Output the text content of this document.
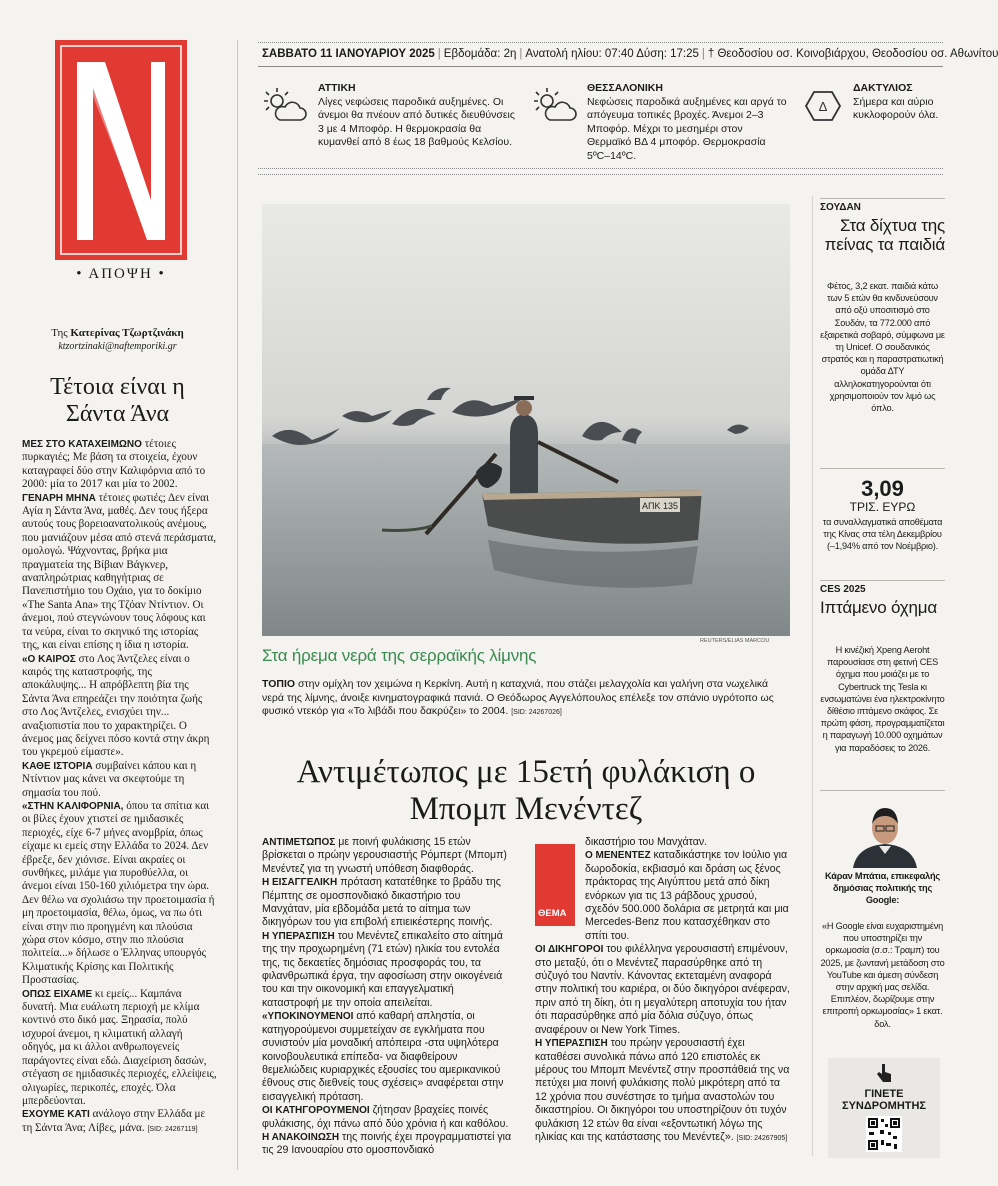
• ΑΠΟΨΗ •
Της Κατερίνας Τζωρτζινάκη
ktzortzinaki@naftemporiki.gr
Τέτοια είναι η Σάντα Άνα

ΜΕΣ ΣΤΟ ΚΑΤΑΧΕΙΜΩΝΟ τέτοιες πυρκαγιές; Με βάση τα στοιχεία, έχουν καταγραφεί δύο στην Καλιφόρνια από το 2000: μία το 2017 και μία το 2002.

ΓΕΝΑΡΗ ΜΗΝΑ τέτοιες φωτιές; Δεν είναι Αγία η Σάντα Άνα, μαθές. Δεν τους ήξερα αυτούς τους βορειοανατολικούς ανέμους, που μανιάζουν μέσα από στενά περάσματα, ομολογώ. Ψάχνοντας, βρήκα μια πραγματεία της Βίβιαν Βάγκνερ, αναπληρώτριας καθηγήτριας σε Πανεπιστήμιο του Οχάιο, για το δοκίμιο «The Santa Ana» της Τζόαν Ντίντιον. Οι άνεμοι, πού στεγνώνουν τους λόφους και τα νεύρα, είναι το σκηνικό της ιστορίας της, και είναι επίσης η ίδια η ιστορία.

«Ο ΚΑΙΡΟΣ στο Λος Άντζελες είναι ο καιρός της καταστροφής, της αποκάλυψης... Η απρόβλεπτη βία της Σάντα Άνα επηρεάζει την ποιότητα ζωής στο Λος Άντζελες, ενισχύει την... αναξιοπιστία που το χαρακτηρίζει. Ο άνεμος μας δείχνει πόσο κοντά στην άκρη του γκρεμού είμαστε».

ΚΑΘΕ ΙΣΤΟΡΙΑ συμβαίνει κάπου και η Ντίντιον μας κάνει να σκεφτούμε τη σημασία του πού.

«ΣΤΗΝ ΚΑΛΙΦΟΡΝΙΑ, όπου τα σπίτια και οι βίλες έχουν χτιστεί σε ημιδασικές περιοχές, είχε 6-7 μήνες ανομβρία, όπως είχαμε κι εμείς στην Ελλάδα το 2024. Δεν έβρεξε, δεν χιόνισε. Είναι ακραίες οι συνθήκες, μιλάμε για πυροθύελλα, οι άνεμοι είναι 150-160 χιλιόμετρα την ώρα. Δεν θέλω να σχολιάσω την προετοιμασία ή μη προετοιμασία, θέλω, όμως, να πω ότι είναι στην πιο προηγμένη και πλούσια χώρα στον κόσμο, στην πιο πλούσια πολιτεία...» δήλωσε ο Έλληνας υπουργός Κλιματικής Κρίσης και Πολιτικής Προστασίας.

ΟΠΩΣ ΕΙΧΑΜΕ κι εμείς... Καμπάνα δυνατή. Μια ευάλωτη περιοχή με κλίμα κοντινό στο δικό μας. Ξηρασία, πολύ ισχυροί άνεμοι, η κλιματική αλλαγή οδηγός, μα κι άλλοι ανθρωπογενείς παράγοντες είναι εδώ. Διαχείριση δασών, στέγαση σε ημιδασικές περιοχές, ελλείψεις, ολιγωρίες, περικοπές, εποχές. Όλα μπερδεύονται.

ΕΧΟΥΜΕ ΚΑΤΙ ανάλογο στην Ελλάδα με τη Σάντα Άνα; Λίβες, μάνα. [SID: 24267119]

ΣΑΒΒΑΤΟ 11 ΙΑΝΟΥΑΡΙΟΥ 2025 | Εβδομάδα: 2η | Ανατολή ηλίου: 07:40 Δύση: 17:25 | † Θεοδοσίου οσ. Κοινοβιάρχου, Θεοδοσίου οσ. Αθωνίτου
ΑΤΤΙΚΗ
Λίγες νεφώσεις παροδικά αυξημένες. Οι άνεμοι θα πνέουν από δυτικές διευθύνσεις 3 με 4 Μποφόρ. Η θερμοκρασία θα κυμανθεί από 8 έως 18 βαθμούς Κελσίου.
ΘΕΣΣΑΛΟΝΙΚΗ
Νεφώσεις παροδικά αυξημένες και αργά το απόγευμα τοπικές βροχές. Άνεμοι 2–3 Μποφόρ. Μέχρι το μεσημέρι στον Θερμαϊκό ΒΔ 4 μποφόρ. Θερμοκρασία 5ºC–14ºC.
Δ
ΔΑΚΤΥΛΙΟΣ
Σήμερα και αύριο κυκλοφορούν όλα.
ΑΠΚ 135
REUTERS/ELIAS MARCOU
Στα ήρεμα νερά της σερραϊκής λίμνης
ΤΟΠΙΟ στην ομίχλη τον χειμώνα η Κερκίνη. Αυτή η καταχνιά, που στάζει μελαγχολία και γαλήνη στα νωχελικά νερά της λίμνης, άνοιξε κινηματογραφικά πανιά. Ο Θεόδωρος Αγγελόπουλος επέλεξε τον σπάνιο υγρότοπο ως φυσικό ντεκόρ για «Το λιβάδι που δακρύζει» το 2004. [SID: 24267026]
Αντιμέτωπος με 15ετή φυλάκιση ο Μπομπ Μενέντεζ

ΑΝΤΙΜΕΤΩΠΟΣ με ποινή φυλάκισης 15 ετών βρίσκεται ο πρώην γερουσιαστής Ρόμπερτ (Μπομπ) Μενέντεζ για τη γνωστή υπόθεση διαφθοράς.

Η ΕΙΣΑΓΓΕΛΙΚΗ πρόταση κατατέθηκε το βράδυ της Πέμπτης σε ομοσπονδιακό δικαστήριο του Μανχάταν, μία εβδομάδα μετά το αίτημα των δικηγόρων του για επιβολή επιεικέστερης ποινής.

Η ΥΠΕΡΑΣΠΙΣΗ του Μενέντεζ επικαλείτο στο αίτημά της την προχωρημένη (71 ετών) ηλικία του εντολέα της, τις δεκαετίες δημόσιας προσφοράς του, τα φιλανθρωπικά έργα, την αφοσίωση στην οικογένειά του και την οικονομική και επαγγελματική καταστροφή με την οποία απειλείται.

«ΥΠΟΚΙΝΟΥΜΕΝΟΙ από καθαρή απληστία, οι κατηγορούμενοι συμμετείχαν σε εγκλήματα που συνιστούν μία μοναδική απόπειρα -στα υψηλότερα κοινοβουλευτικά επίπεδα- να διαφθείρουν θεμελιώδεις κυριαρχικές εξουσίες του αμερικανικού έθνους στις διεθνείς τους σχέσεις» αναφέρεται στην εισαγγελική πρόταση.

ΟΙ ΚΑΤΗΓΟΡΟΥΜΕΝΟΙ ζήτησαν βραχείες ποινές φυλάκισης, όχι πάνω από δύο χρόνια ή και καθόλου.

Η ΑΝΑΚΟΙΝΩΣΗ της ποινής έχει προγραμματιστεί για τις 29 Ιανουαρίου στο ομοσπονδιακό

ΘΕΜΑ

δικαστήριο του Μανχάταν.

Ο ΜΕΝΕΝΤΕΖ καταδικάστηκε τον Ιούλιο για δωροδοκία, εκβιασμό και δράση ως ξένος πράκτορας της Αιγύπτου μετά από δίκη ενόρκων για τις 13 ράβδους χρυσού, σχεδόν 500.000 δολάρια σε μετρητά και μια Mercedes-Benz που κατασχέθηκαν στο σπίτι του.

ΟΙ ΔΙΚΗΓΟΡΟΙ του φιλέλληνα γερουσιαστή επιμένουν, στο μεταξύ, ότι ο Μενέντεζ παρασύρθηκε από τη σύζυγό του Ναντίν. Κάνοντας εκτεταμένη αναφορά στην πολιτική του καριέρα, οι δύο δικηγόροι ανέφεραν, πριν από τη δίκη, ότι η μεγαλύτερη αποτυχία του ήταν ότι παρασύρθηκε από μία δόλια σύζυγο, όπως αναφέρουν οι New York Times.

Η ΥΠΕΡΑΣΠΙΣΗ του πρώην γερουσιαστή έχει καταθέσει συνολικά πάνω από 120 επιστολές εκ μέρους του Μπομπ Μενέντεζ στην προσπάθειά της να πετύχει μια ποινή φυλάκισης πολύ μικρότερη από τα 12 χρόνια που συνέστησε το τμήμα αναστολών του δικαστηρίου. Οι δικηγόροι του υποστηρίζουν ότι τυχόν φυλάκιση 12 ετών θα είναι «εξοντωτική λόγω της ηλικίας και της κατάστασης του Μενέντεζ». [SID: 24267905]

ΣΟΥΔΑΝ
Στα δίχτυα της πείνας τα παιδιά
Φέτος, 3,2 εκατ. παιδιά κάτω των 5 ετών θα κινδυνεύσουν από οξύ υποσιτισμό στο Σουδάν, τα 772.000 από εξαιρετικά σοβαρό, σύμφωνα με τη Unicef. Ο σουδανικός στρατός και η παραστρατιωτική ομάδα ΔΤΥ αλληλοκατηγορούνται ότι χρησιμοποιούν τον λιμό ως όπλο.
3,09
ΤΡΙΣ. ΕΥΡΩ
τα συναλλαγματικά αποθέματα της Κίνας στα τέλη Δεκεμβρίου (–1,94% από τον Νοέμβριο).
CES 2025
Ιπτάμενο όχημα
Η κινέζική Xpeng Aeroht παρουσίασε στη φετινή CES όχημα που μοιάζει με το Cybertruck της Tesla κι ενσωματώνει ένα ηλεκτροκίνητο δίθέσιο ιπτάμενο σκάφος. Σε πρώτη φάση, προγραμματίζεται η παραγωγή 10.000 οχημάτων για παραδόσεις το 2026.
Κάραν Μπάτια, επικεφαλής δημόσιας πολιτικής της Google:
«Η Google είναι ευχαριστημένη που υποστηρίζει την ορκωμοσία (σ.σ.: Τραμπ) του 2025, με ζωντανή μετάδοση στο YouTube και άμεση σύνδεση στην αρχική μας σελίδα. Επιπλέον, δωρίζουμε στην επιτροπή ορκωμοσίας» 1 εκατ. δολ.
ΓΙΝΕΤΕ ΣΥΝΔΡΟΜΗΤΗΣ
